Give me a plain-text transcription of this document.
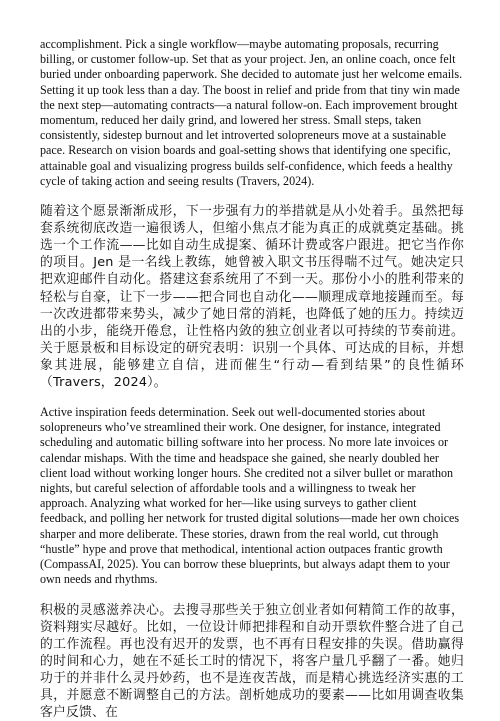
accomplishment. Pick a single workflow—maybe automating proposals, recurring billing, or customer follow-up. Set that as your project. Jen, an online coach, once felt buried under onboarding paperwork. She decided to automate just her welcome emails. Setting it up took less than a day. The boost in relief and pride from that tiny win made the next step—automating contracts—a natural follow-on. Each improvement brought momentum, reduced her daily grind, and lowered her stress. Small steps, taken consistently, sidestep burnout and let introverted solopreneurs move at a sustainable pace. Research on vision boards and goal-setting shows that identifying one specific, attainable goal and visualizing progress builds self-confidence, which feeds a healthy cycle of taking action and seeing results (Travers, 2024).

随着这个愿景渐渐成形，下一步强有力的举措就是从小处着手。虽然把每套系统彻底改造一遍很诱人，但缩小焦点才能为真正的成就奠定基础。挑选一个工作流——比如自动生成提案、循环计费或客户跟进。把它当作你的项目。Jen 是一名线上教练，她曾被入职文书压得喘不过气。她决定只把欢迎邮件自动化。搭建这套系统用了不到一天。那份小小的胜利带来的轻松与自豪，让下一步——把合同也自动化——顺理成章地接踵而至。每一次改进都带来势头，减少了她日常的消耗，也降低了她的压力。持续迈出的小步，能绕开倦怠，让性格内敛的独立创业者以可持续的节奏前进。关于愿景板和目标设定的研究表明：识别一个具体、可达成的目标，并想象其进展，能够建立自信，进而催生“行动—看到结果”的良性循环（Travers，2024）。

Active inspiration feeds determination. Seek out well-documented stories about solopreneurs who’ve streamlined their work. One designer, for instance, integrated scheduling and automatic billing software into her process. No more late invoices or calendar mishaps. With the time and headspace she gained, she nearly doubled her client load without working longer hours. She credited not a silver bullet or marathon nights, but careful selection of affordable tools and a willingness to tweak her approach. Analyzing what worked for her—like using surveys to gather client feedback, and polling her network for trusted digital solutions—made her own choices sharper and more deliberate. These stories, drawn from the real world, cut through “hustle” hype and prove that methodical, intentional action outpaces frantic growth (CompassAI, 2025). You can borrow these blueprints, but always adapt them to your own needs and rhythms.

积极的灵感滋养决心。去搜寻那些关于独立创业者如何精简工作的故事，资料翔实尽越好。比如，一位设计师把排程和自动开票软件整合进了自己的工作流程。再也没有迟开的发票，也不再有日程安排的失误。借助赢得的时间和心力，她在不延长工时的情况下，将客户量几乎翻了一番。她归功于的并非什么灵丹妙药，也不是连夜苦战，而是精心挑选经济实惠的工具，并愿意不断调整自己的方法。剖析她成功的要素——比如用调查收集客户反馈、在
